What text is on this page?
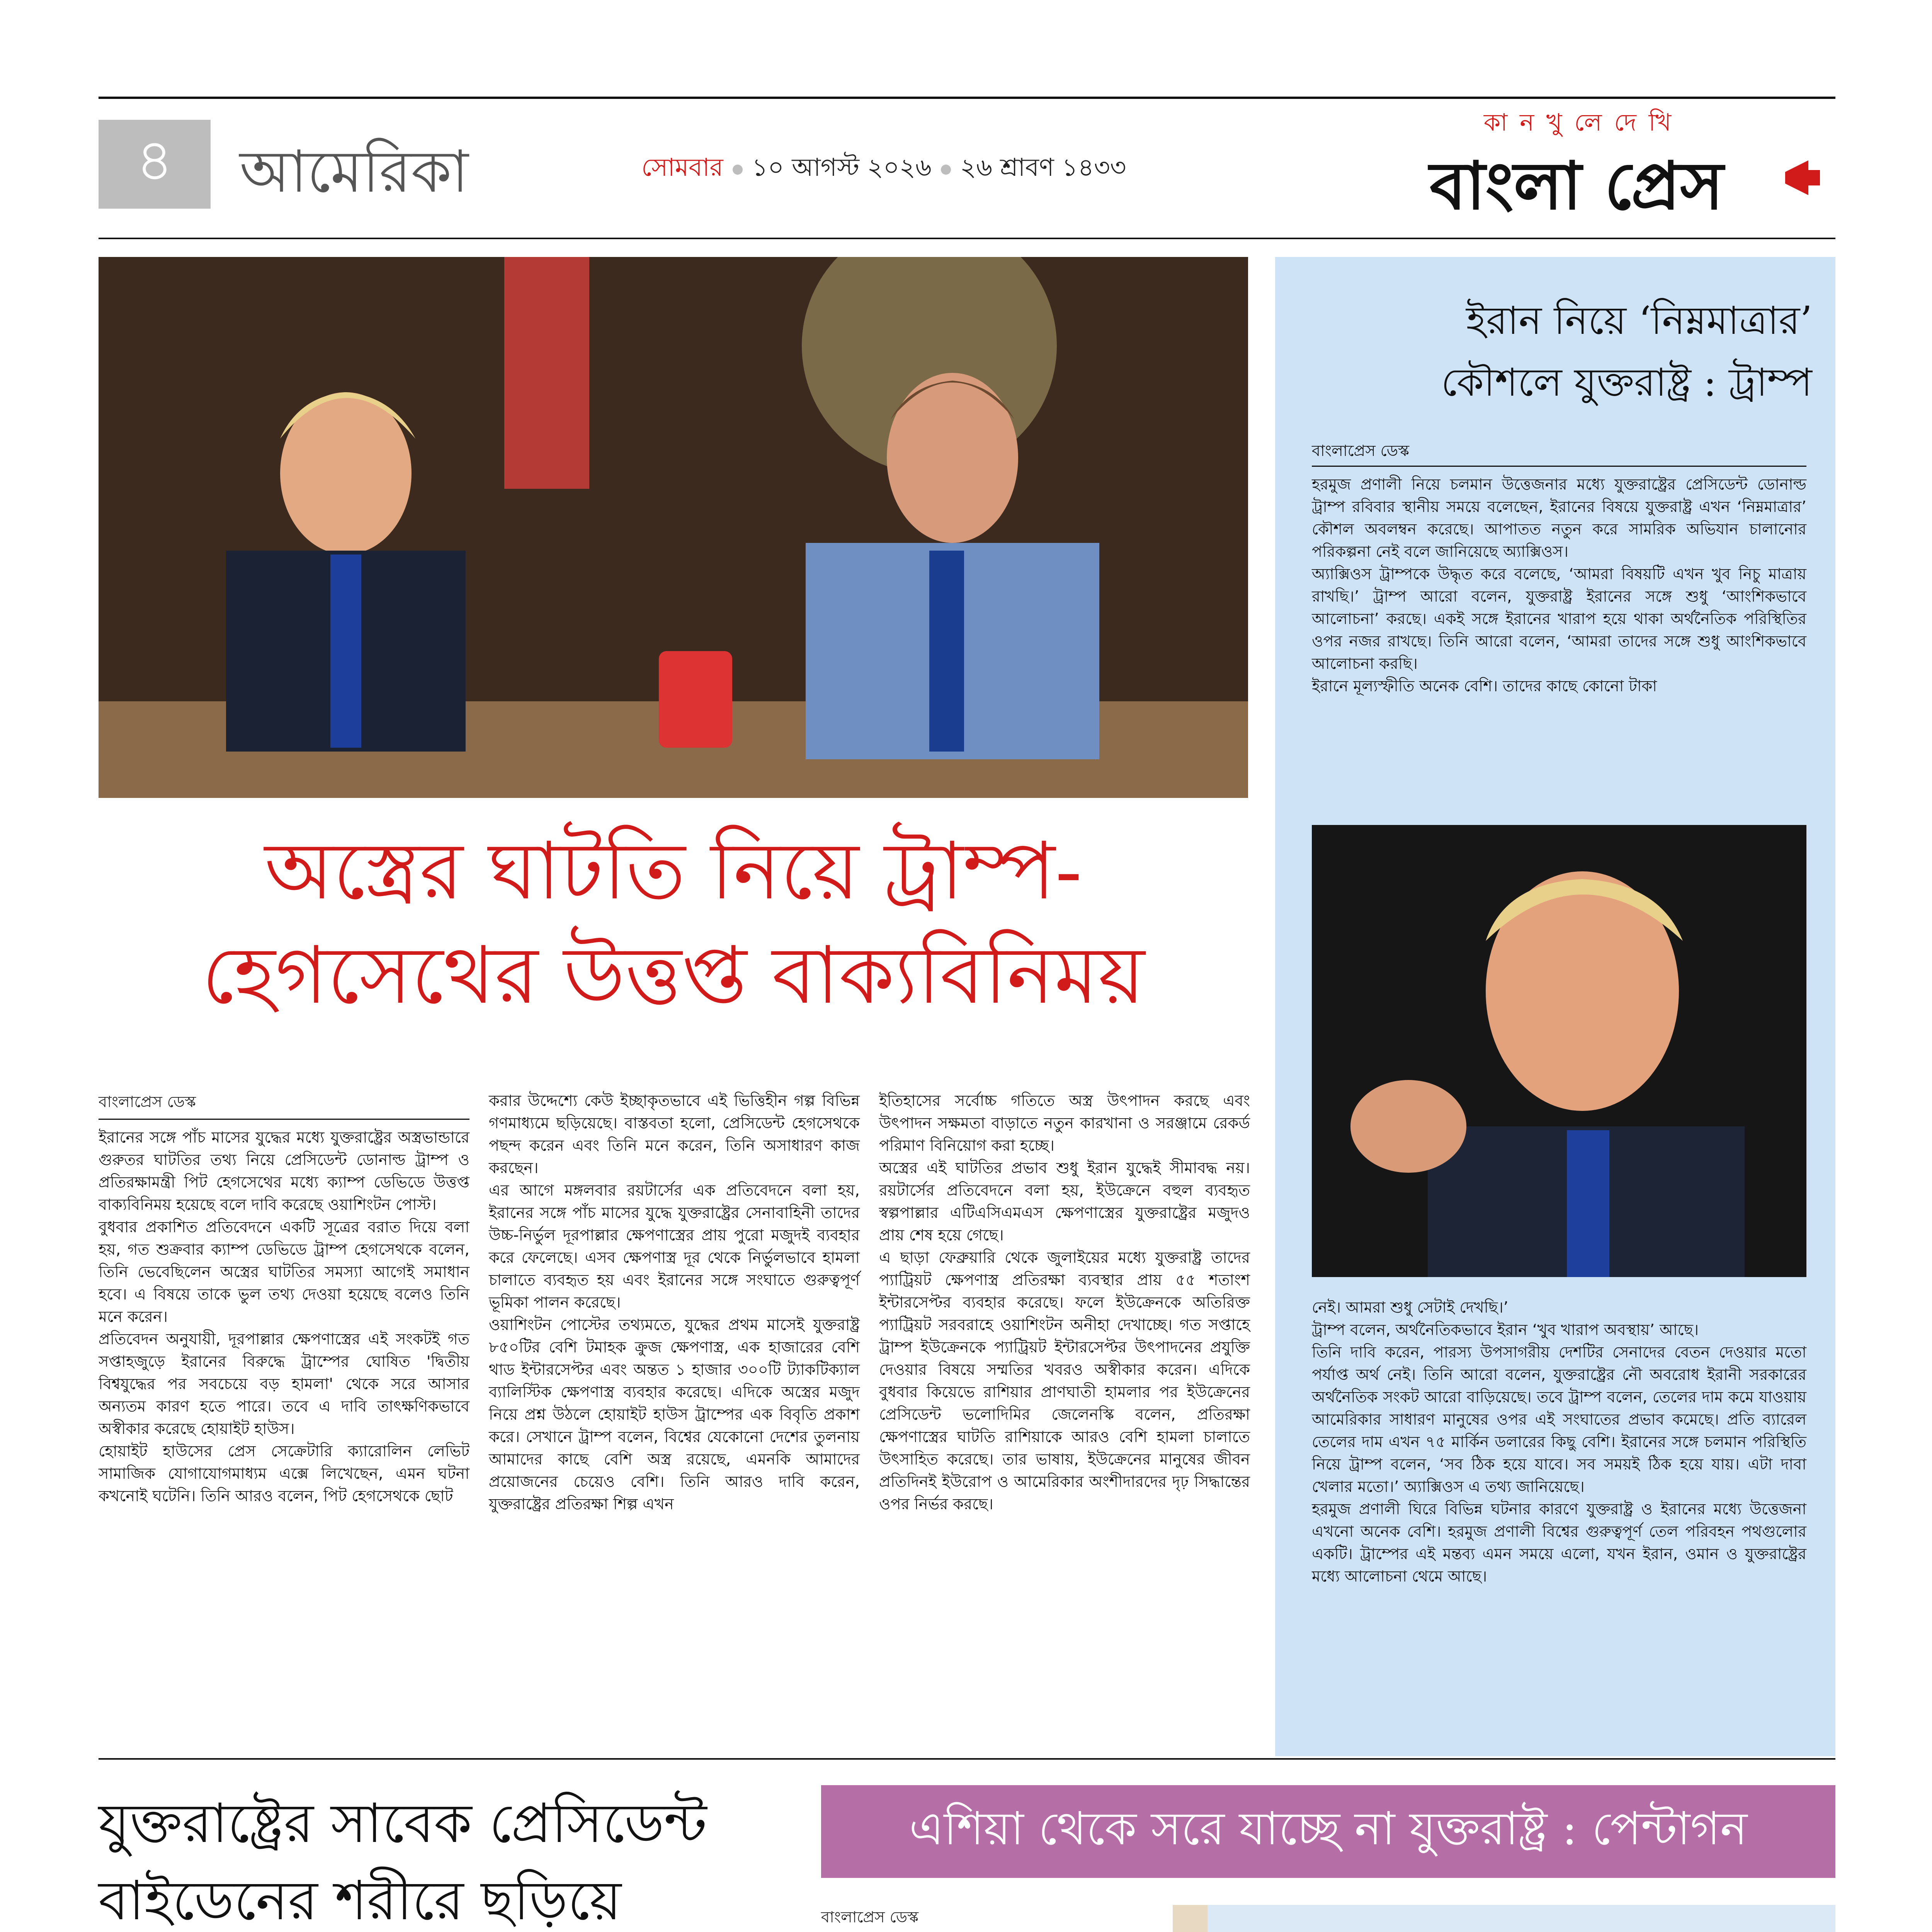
৪ আমেরিকা	সোমবার ১০ আগস্ট ২০২৬ ২৬ শ্রাবণ ১৪৩৩
কা ন খু লে দে খি
বাংলা প্রেস
অস্ত্রের ঘাটতি নিয়ে ট্রাম্প-
হেগসেথের উত্তপ্ত বাক্যবিনিময়
বাংলাপ্রেস ডেস্ক

ইরানের সঙ্গে পাঁচ মাসের যুদ্ধের মধ্যে যুক্তরাষ্ট্রের অস্ত্রভান্ডারে গুরুতর ঘাটতির তথ্য নিয়ে প্রেসিডেন্ট ডোনাল্ড ট্রাম্প ও প্রতিরক্ষামন্ত্রী পিট হেগসেথের মধ্যে ক্যাম্প ডেভিডে উত্তপ্ত বাক্যবিনিময় হয়েছে বলে দাবি করেছে ওয়াশিংটন পোস্ট।

বুধবার প্রকাশিত প্রতিবেদনে একটি সূত্রের বরাত দিয়ে বলা হয়, গত শুক্রবার ক্যাম্প ডেভিডে ট্রাম্প হেগসেথকে বলেন, তিনি ভেবেছিলেন অস্ত্রের ঘাটতির সমস্যা আগেই সমাধান হবে। এ বিষয়ে তাকে ভুল তথ্য দেওয়া হয়েছে বলেও তিনি মনে করেন।

প্রতিবেদন অনুযায়ী, দূরপাল্লার ক্ষেপণাস্ত্রের এই সংকটই গত সপ্তাহজুড়ে ইরানের বিরুদ্ধে ট্রাম্পের ঘোষিত 'দ্বিতীয় বিশ্বযুদ্ধের পর সবচেয়ে বড় হামলা' থেকে সরে আসার অন্যতম কারণ হতে পারে। তবে এ দাবি তাৎক্ষণিকভাবে অস্বীকার করেছে হোয়াইট হাউস।

হোয়াইট হাউসের প্রেস সেক্রেটারি ক্যারোলিন লেভিট সামাজিক যোগাযোগমাধ্যম এক্সে লিখেছেন, এমন ঘটনা কখনোই ঘটেনি। তিনি আরও বলেন, পিট হেগসেথকে ছোট

করার উদ্দেশ্যে কেউ ইচ্ছাকৃতভাবে এই ভিত্তিহীন গল্প বিভিন্ন গণমাধ্যমে ছড়িয়েছে। বাস্তবতা হলো, প্রেসিডেন্ট হেগসেথকে পছন্দ করেন এবং তিনি মনে করেন, তিনি অসাধারণ কাজ করছেন।

এর আগে মঙ্গলবার রয়টার্সের এক প্রতিবেদনে বলা হয়, ইরানের সঙ্গে পাঁচ মাসের যুদ্ধে যুক্তরাষ্ট্রের সেনাবাহিনী তাদের উচ্চ-নির্ভুল দূরপাল্লার ক্ষেপণাস্ত্রের প্রায় পুরো মজুদই ব্যবহার করে ফেলেছে। এসব ক্ষেপণাস্ত্র দূর থেকে নির্ভুলভাবে হামলা চালাতে ব্যবহৃত হয় এবং ইরানের সঙ্গে সংঘাতে গুরুত্বপূর্ণ ভূমিকা পালন করেছে।

ওয়াশিংটন পোস্টের তথ্যমতে, যুদ্ধের প্রথম মাসেই যুক্তরাষ্ট্র ৮৫০টির বেশি টমাহক ক্রুজ ক্ষেপণাস্ত্র, এক হাজারের বেশি থাড ইন্টারসেপ্টর এবং অন্তত ১ হাজার ৩০০টি ট্যাকটিক্যাল ব্যালিস্টিক ক্ষেপণাস্ত্র ব্যবহার করেছে। এদিকে অস্ত্রের মজুদ নিয়ে প্রশ্ন উঠলে হোয়াইট হাউস ট্রাম্পের এক বিবৃতি প্রকাশ করে। সেখানে ট্রাম্প বলেন, বিশ্বের যেকোনো দেশের তুলনায় আমাদের কাছে বেশি অস্ত্র রয়েছে, এমনকি আমাদের প্রয়োজনের চেয়েও বেশি। তিনি আরও দাবি করেন, যুক্তরাষ্ট্রের প্রতিরক্ষা শিল্প এখন

ইতিহাসের সর্বোচ্চ গতিতে অস্ত্র উৎপাদন করছে এবং উৎপাদন সক্ষমতা বাড়াতে নতুন কারখানা ও সরঞ্জামে রেকর্ড পরিমাণ বিনিয়োগ করা হচ্ছে।

অস্ত্রের এই ঘাটতির প্রভাব শুধু ইরান যুদ্ধেই সীমাবদ্ধ নয়। রয়টার্সের প্রতিবেদনে বলা হয়, ইউক্রেনে বহুল ব্যবহৃত স্বল্পপাল্লার এটিএসিএমএস ক্ষেপণাস্ত্রের যুক্তরাষ্ট্রের মজুদও প্রায় শেষ হয়ে গেছে।

এ ছাড়া ফেব্রুয়ারি থেকে জুলাইয়ের মধ্যে যুক্তরাষ্ট্র তাদের প্যাট্রিয়ট ক্ষেপণাস্ত্র প্রতিরক্ষা ব্যবস্থার প্রায় ৫৫ শতাংশ ইন্টারসেপ্টর ব্যবহার করেছে। ফলে ইউক্রেনকে অতিরিক্ত প্যাট্রিয়ট সরবরাহে ওয়াশিংটন অনীহা দেখাচ্ছে। গত সপ্তাহে ট্রাম্প ইউক্রেনকে প্যাট্রিয়ট ইন্টারসেপ্টর উৎপাদনের প্রযুক্তি দেওয়ার বিষয়ে সম্মতির খবরও অস্বীকার করেন। এদিকে বুধবার কিয়েভে রাশিয়ার প্রাণঘাতী হামলার পর ইউক্রেনের প্রেসিডেন্ট ভলোদিমির জেলেনস্কি বলেন, প্রতিরক্ষা ক্ষেপণাস্ত্রের ঘাটতি রাশিয়াকে আরও বেশি হামলা চালাতে উৎসাহিত করেছে। তার ভাষায়, ইউক্রেনের মানুষের জীবন প্রতিদিনই ইউরোপ ও আমেরিকার অংশীদারদের দৃঢ় সিদ্ধান্তের ওপর নির্ভর করছে।

ইরান নিয়ে ‘নিম্নমাত্রার’
কৌশলে যুক্তরাষ্ট্র : ট্রাম্প
বাংলাপ্রেস ডেস্ক

হরমুজ প্রণালী নিয়ে চলমান উত্তেজনার মধ্যে যুক্তরাষ্ট্রের প্রেসিডেন্ট ডোনাল্ড ট্রাম্প রবিবার স্থানীয় সময়ে বলেছেন, ইরানের বিষয়ে যুক্তরাষ্ট্র এখন ‘নিম্নমাত্রার’ কৌশল অবলম্বন করেছে। আপাতত নতুন করে সামরিক অভিযান চালানোর পরিকল্পনা নেই বলে জানিয়েছে অ্যাক্সিওস।

অ্যাক্সিওস ট্রাম্পকে উদ্ধৃত করে বলেছে, ‘আমরা বিষয়টি এখন খুব নিচু মাত্রায় রাখছি।’ ট্রাম্প আরো বলেন, যুক্তরাষ্ট্র ইরানের সঙ্গে শুধু ‘আংশিকভাবে আলোচনা’ করছে। একই সঙ্গে ইরানের খারাপ হয়ে থাকা অর্থনৈতিক পরিস্থিতির ওপর নজর রাখছে। তিনি আরো বলেন, ‘আমরা তাদের সঙ্গে শুধু আংশিকভাবে আলোচনা করছি।

ইরানে মূল্যস্ফীতি অনেক বেশি। তাদের কাছে কোনো টাকা

নেই। আমরা শুধু সেটাই দেখছি।’

ট্রাম্প বলেন, অর্থনৈতিকভাবে ইরান ‘খুব খারাপ অবস্থায়’ আছে।

তিনি দাবি করেন, পারস্য উপসাগরীয় দেশটির সেনাদের বেতন দেওয়ার মতো পর্যাপ্ত অর্থ নেই। তিনি আরো বলেন, যুক্তরাষ্ট্রের নৌ অবরোধ ইরানী সরকারের অর্থনৈতিক সংকট আরো বাড়িয়েছে। তবে ট্রাম্প বলেন, তেলের দাম কমে যাওয়ায় আমেরিকার সাধারণ মানুষের ওপর এই সংঘাতের প্রভাব কমেছে। প্রতি ব্যারেল তেলের দাম এখন ৭৫ মার্কিন ডলারের কিছু বেশি। ইরানের সঙ্গে চলমান পরিস্থিতি নিয়ে ট্রাম্প বলেন, ‘সব ঠিক হয়ে যাবে। সব সময়ই ঠিক হয়ে যায়। এটা দাবা খেলার মতো।’ অ্যাক্সিওস এ তথ্য জানিয়েছে।

হরমুজ প্রণালী ঘিরে বিভিন্ন ঘটনার কারণে যুক্তরাষ্ট্র ও ইরানের মধ্যে উত্তেজনা এখনো অনেক বেশি। হরমুজ প্রণালী বিশ্বের গুরুত্বপূর্ণ তেল পরিবহন পথগুলোর একটি। ট্রাম্পের এই মন্তব্য এমন সময়ে এলো, যখন ইরান, ওমান ও যুক্তরাষ্ট্রের মধ্যে আলোচনা থেমে আছে।

যুক্তরাষ্ট্রের সাবেক প্রেসিডেন্ট
বাইডেনের শরীরে ছড়িয়ে

এশিয়া থেকে সরে যাচ্ছে না যুক্তরাষ্ট্র : পেন্টাগন
বাংলাপ্রেস ডেস্ক
